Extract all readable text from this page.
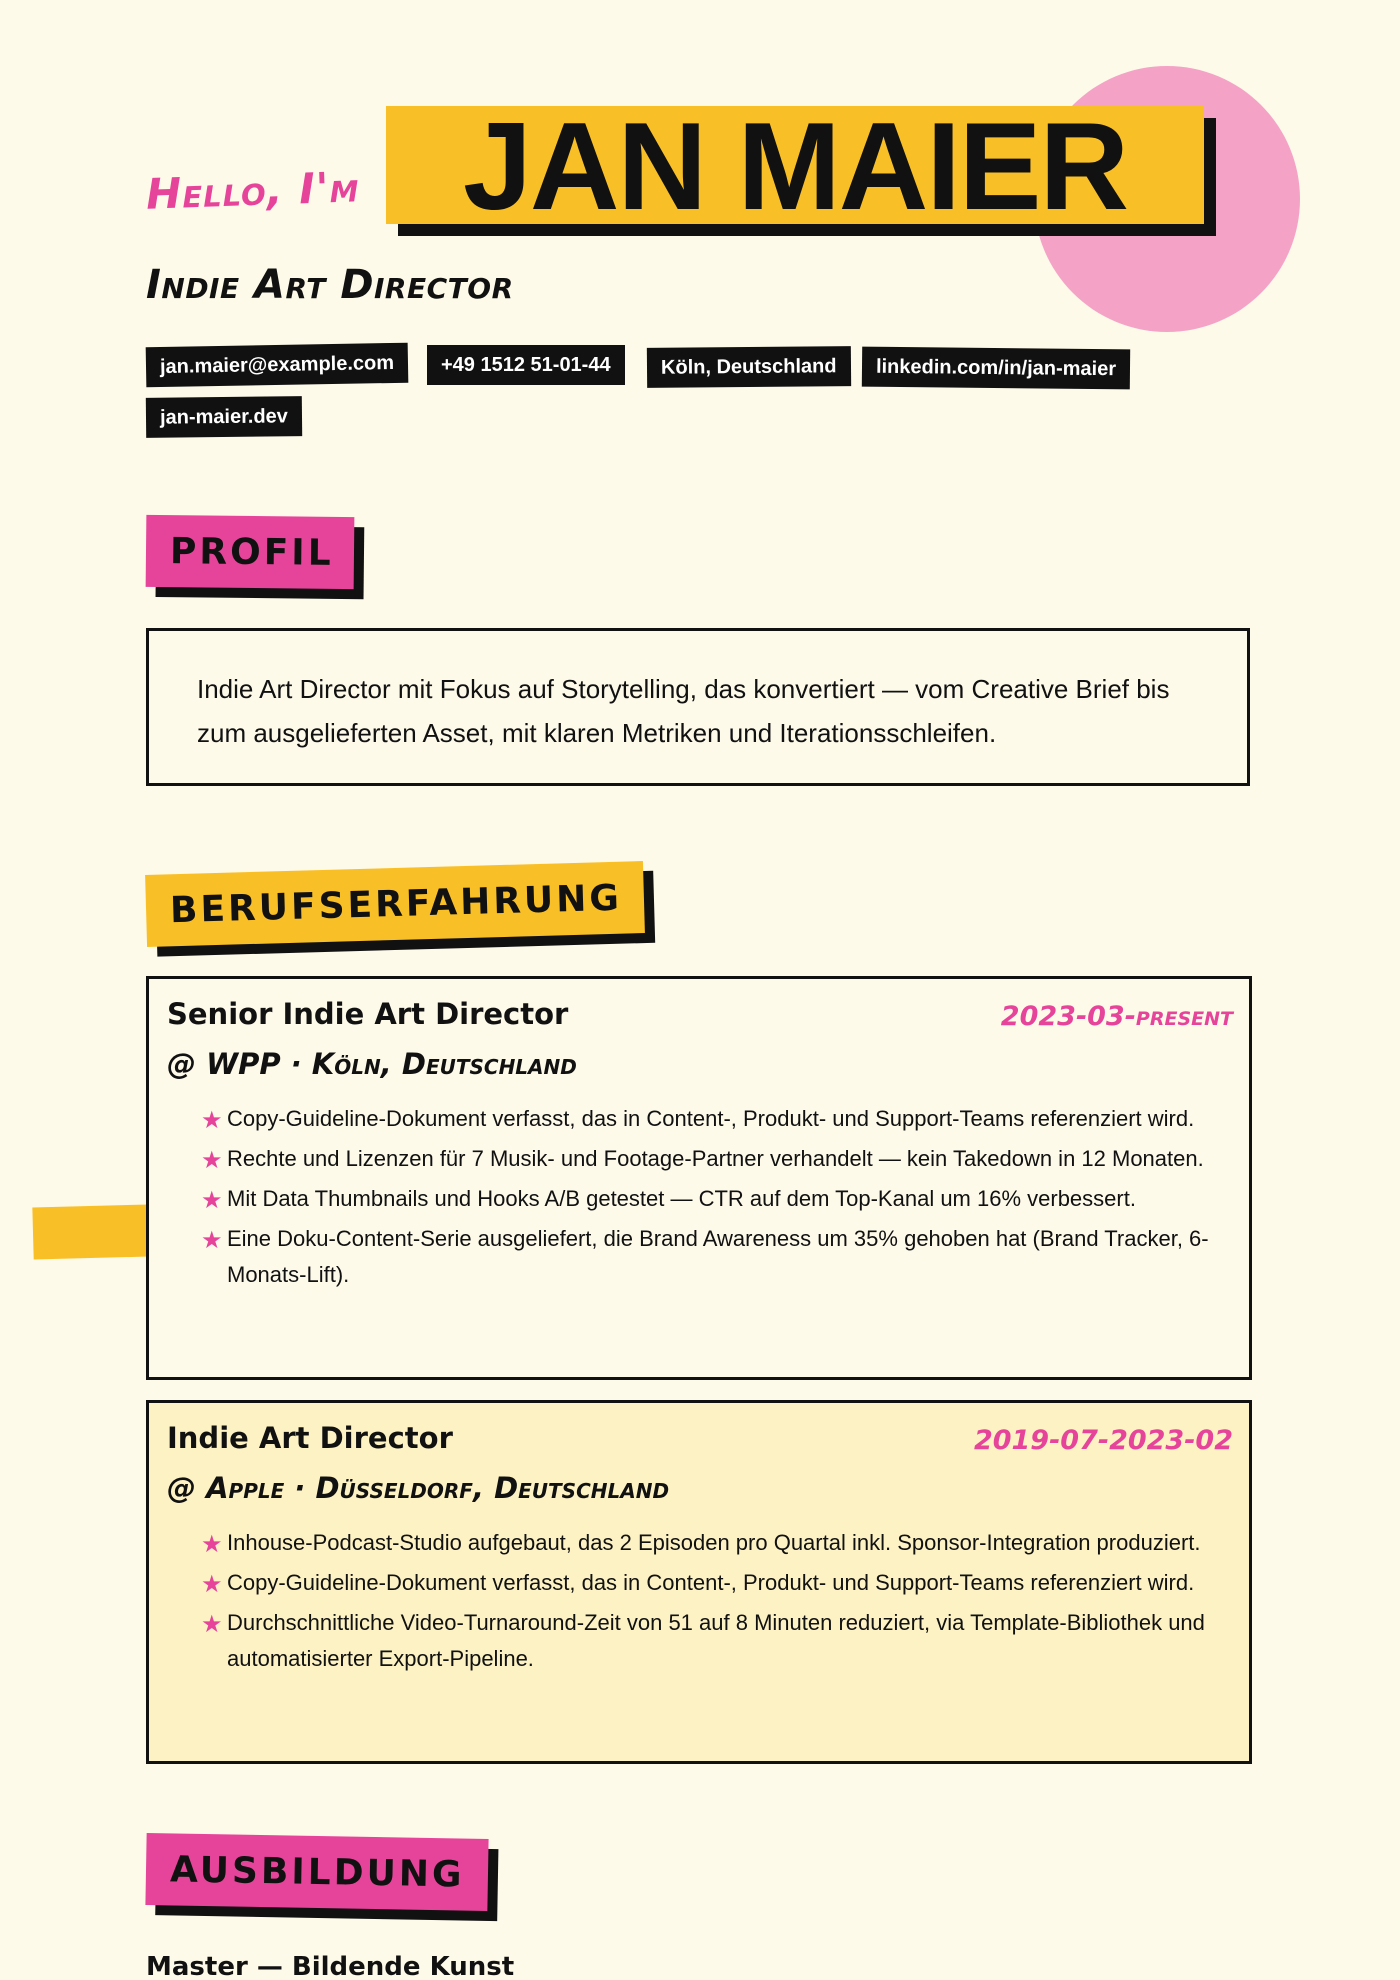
Hello, I'm JAN MAIER
Indie Art Director
jan.maier@example.com	+49 1512 51-01-44	Köln, Deutschland	linkedin.com/in/jan-maier
jan-maier.dev
PROFIL
Indie Art Director mit Fokus auf Storytelling, das konvertiert — vom Creative Brief bis zum ausgelieferten Asset, mit klaren Metriken und Iterationsschleifen.
BERUFSERFAHRUNG
Senior Indie Art Director	2023-03-present
@ WPP · Köln, Deutschland
★ Copy-Guideline-Dokument verfasst, das in Content-, Produkt- und Support-Teams referenziert wird.
★ Rechte und Lizenzen für 7 Musik- und Footage-Partner verhandelt — kein Takedown in 12 Monaten.
★ Mit Data Thumbnails und Hooks A/B getestet — CTR auf dem Top-Kanal um 16% verbessert.
★ Eine Doku-Content-Serie ausgeliefert, die Brand Awareness um 35% gehoben hat (Brand Tracker, 6-Monats-Lift).
Indie Art Director	2019-07-2023-02
@ Apple · Düsseldorf, Deutschland
★ Inhouse-Podcast-Studio aufgebaut, das 2 Episoden pro Quartal inkl. Sponsor-Integration produziert.
★ Copy-Guideline-Dokument verfasst, das in Content-, Produkt- und Support-Teams referenziert wird.
★ Durchschnittliche Video-Turnaround-Zeit von 51 auf 8 Minuten reduziert, via Template-Bibliothek und automatisierter Export-Pipeline.
AUSBILDUNG
Master — Bildende Kunst
